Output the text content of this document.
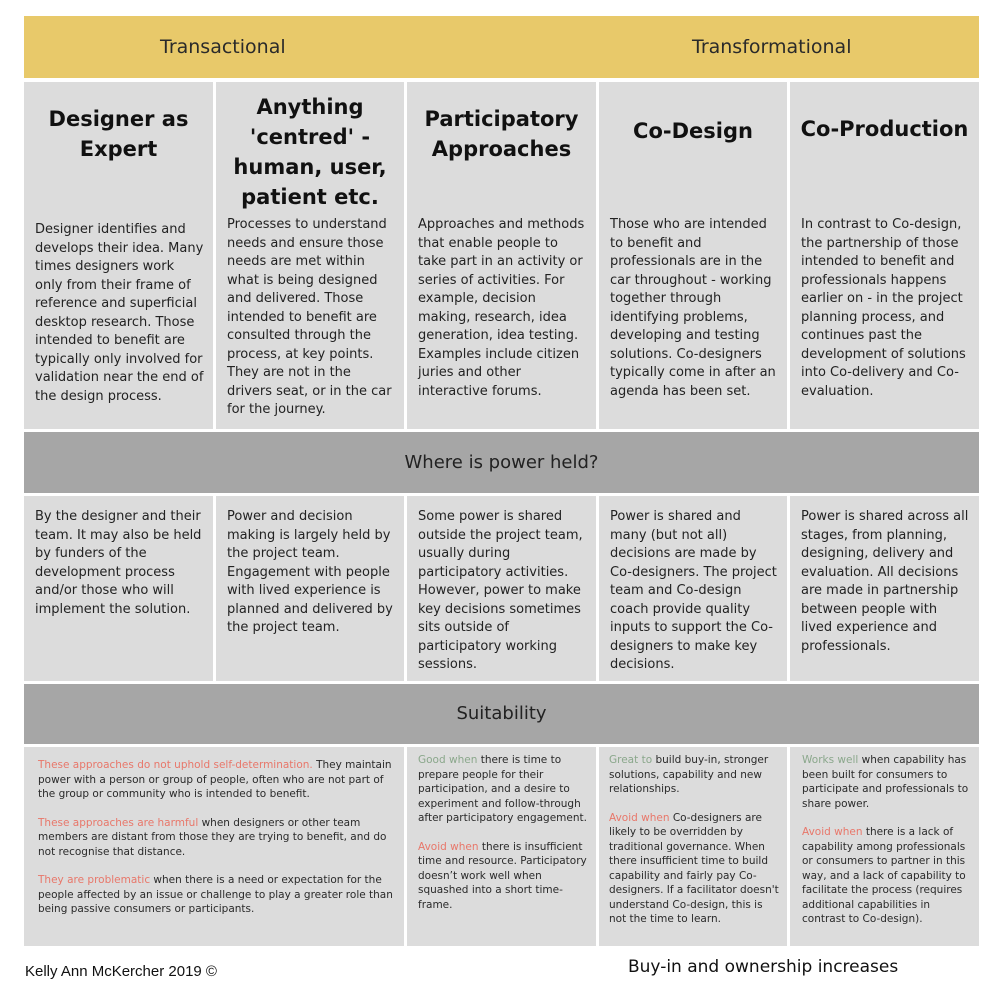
Transactional	Transformational
Designer as Expert
Designer identifies and develops their idea. Many times designers work only from their frame of reference and superficial desktop research. Those intended to benefit are typically only involved for validation near the end of the design process.
Anything 'centred' - human, user, patient etc.
Processes to understand needs and ensure those needs are met within what is being designed and delivered. Those intended to benefit are consulted through the process, at key points. They are not in the drivers seat, or in the car for the journey.
Participatory Approaches
Approaches and methods that enable people to take part in an activity or series of activities. For example, decision making, research, idea generation, idea testing. Examples include citizen juries and other interactive forums.
Co-Design
Those who are intended to benefit and professionals are in the car throughout - working together through identifying problems, developing and testing solutions. Co-designers typically come in after an agenda has been set.
Co-Production
In contrast to Co-design, the partnership of those intended to benefit and professionals happens earlier on - in the project planning process, and continues past the development of solutions into Co-delivery and Co-evaluation.
Where is power held?
By the designer and their team. It may also be held by funders of the development process and/or those who will implement the solution.
Power and decision making is largely held by the project team. Engagement with people with lived experience is planned and delivered by the project team.
Some power is shared outside the project team, usually during participatory activities. However, power to make key decisions sometimes sits outside of participatory working sessions.
Power is shared and many (but not all) decisions are made by Co-designers. The project team and Co-design coach provide quality inputs to support the Co-designers to make key decisions.
Power is shared across all stages, from planning, designing, delivery and evaluation. All decisions are made in partnership between people with lived experience and professionals.
Suitability

These approaches do not uphold self-determination. They maintain power with a person or group of people, often who are not part of the group or community who is intended to benefit.

These approaches are harmful when designers or other team members are distant from those they are trying to benefit, and do not recognise that distance.

They are problematic when there is a need or expectation for the people affected by an issue or challenge to play a greater role than being passive consumers or participants.

Good when there is time to prepare people for their participation, and a desire to experiment and follow-through after participatory engagement.

Avoid when there is insufficient time and resource. Participatory doesn’t work well when squashed into a short time-frame.

Great to build buy-in, stronger solutions, capability and new relationships.

Avoid when Co-designers are likely to be overridden by traditional governance. When there insufficient time to build capability and fairly pay Co-designers. If a facilitator doesn't understand Co-design, this is not the time to learn.

Works well when capability has been built for consumers to participate and professionals to share power.

Avoid when there is a lack of capability among professionals or consumers to partner in this way, and a lack of capability to facilitate the process (requires additional capabilities in contrast to Co-design).

Kelly Ann McKercher 2019 ©	Buy-in and ownership increases
